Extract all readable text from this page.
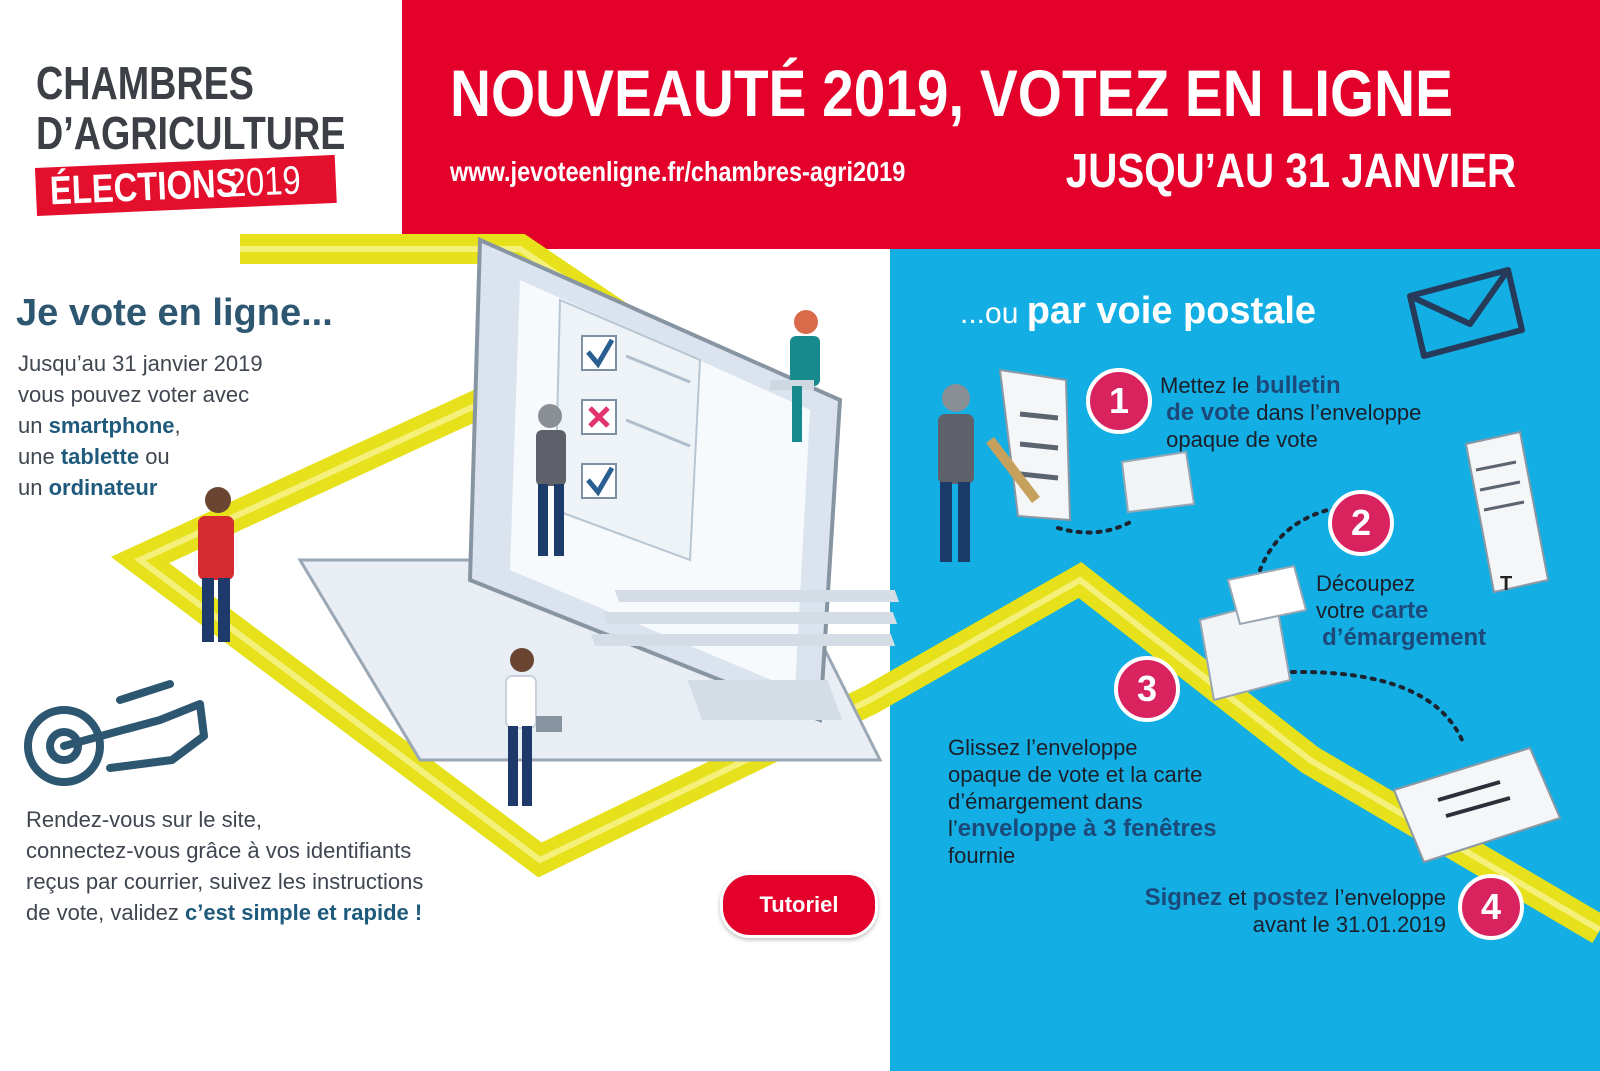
NOUVEAUTÉ 2019, VOTEZ EN LIGNE
www.jevoteenligne.fr/chambres-agri2019	JUSQU’AU 31 JANVIER
CHAMBRES
D’AGRICULTURE
ÉLECTIONS
2019
T
Je vote en ligne...
Jusqu’au 31 janvier 2019
vous pouvez voter avec
un smartphone,
une tablette ou
un ordinateur
Rendez-vous sur le site,
connectez-vous grâce à vos identifiants
reçus par courrier, suivez les instructions
de vote, validez c’est simple et rapide !	Tutoriel
...ou par voie postale
1	Mettez le bulletin
de vote dans l’enveloppe
opaque de vote
2
Découpez
votre carte
d’émargement
3
Glissez l’enveloppe
opaque de vote et la carte
d’émargement dans
l’enveloppe à 3 fenêtres
fournie
4
Signez et postez l’enveloppe
avant le 31.01.2019
